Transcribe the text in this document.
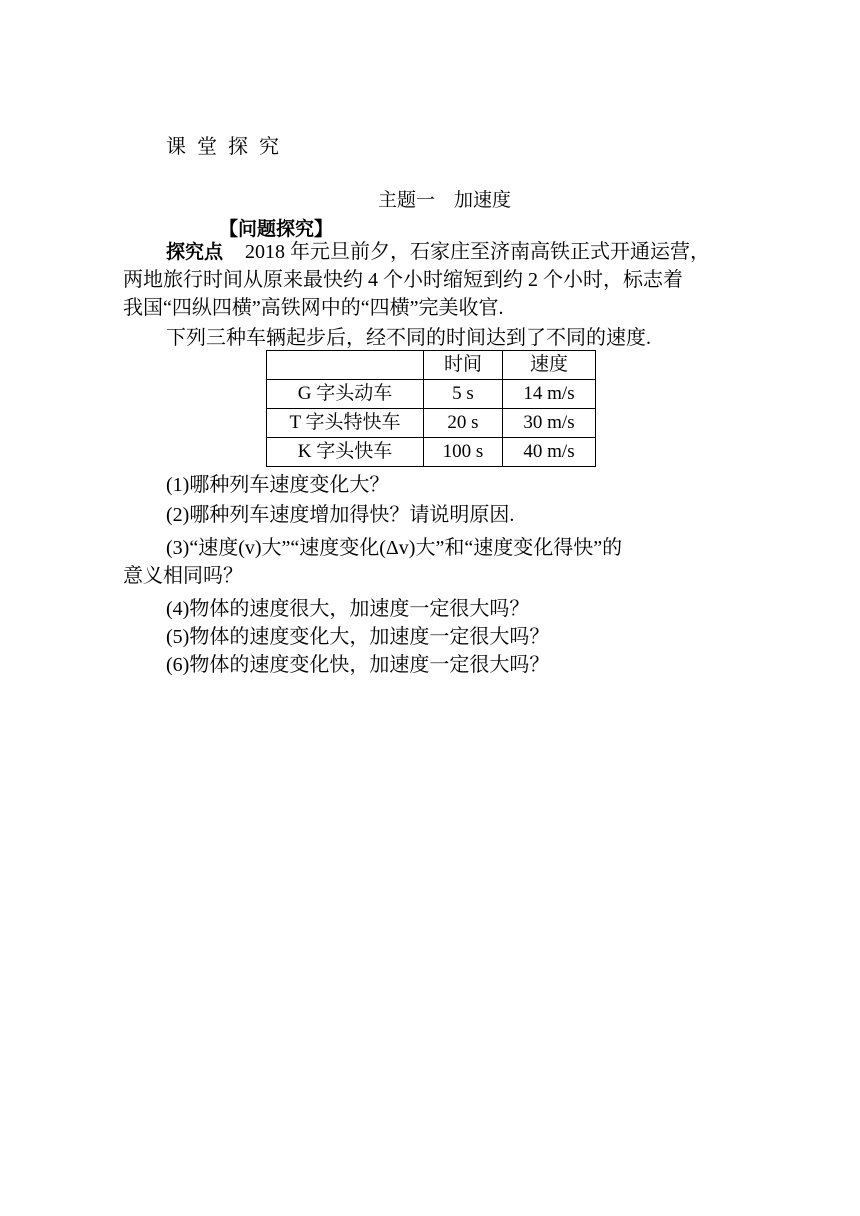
课堂探究
主题一　加速度
【问题探究】
探究点 2018 年元旦前夕，石家庄至济南高铁正式开通运营，
两地旅行时间从原来最快约 4 个小时缩短到约 2 个小时，标志着
我国“四纵四横”高铁网中的“四横”完美收官.
下列三种车辆起步后，经不同的时间达到了不同的速度.
	时间	速度
G 字头动车	5 s	14 m/s
T 字头特快车	20 s	30 m/s
K 字头快车	100 s	40 m/s
(1)哪种列车速度变化大？
(2)哪种列车速度增加得快？请说明原因.
(3)“速度(v)大”“速度变化(Δv)大”和“速度变化得快”的
意义相同吗？
(4)物体的速度很大，加速度一定很大吗？
(5)物体的速度变化大，加速度一定很大吗？
(6)物体的速度变化快，加速度一定很大吗？
